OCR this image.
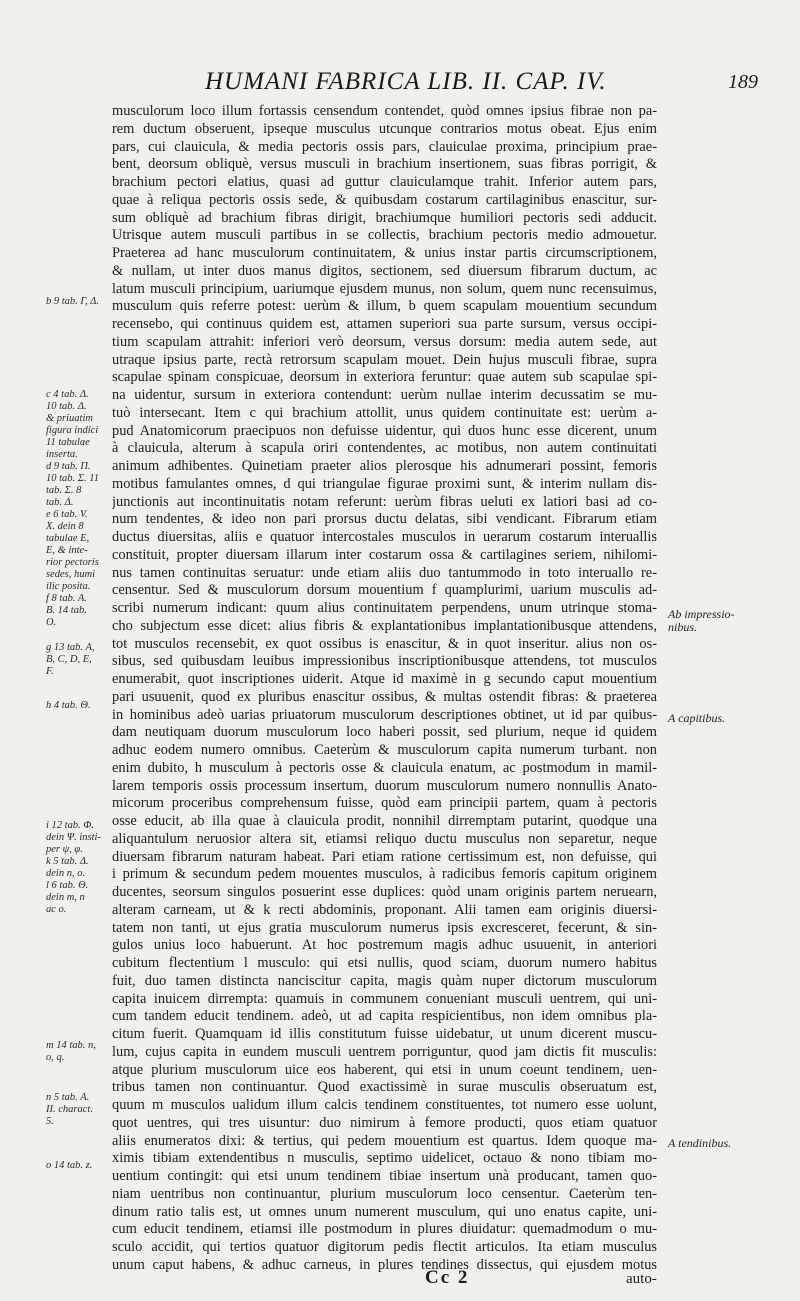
HUMANI FABRICA LIB. II. CAP. IV.	189
musculorum loco illum fortassis censendum contendet, quòd omnes ipsius fibrae non pa-
rem ductum obseruent, ipseque musculus utcunque contrarios motus obeat. Ejus enim
pars, cui clauicula, & media pectoris ossis pars, clauiculae proxima, principium prae-
bent, deorsum obliquè, versus musculi in brachium insertionem, suas fibras porrigit, &
brachium pectori elatius, quasi ad guttur clauiculamque trahit. Inferior autem pars,
quae à reliqua pectoris ossis sede, & quibusdam costarum cartilaginibus enascitur, sur-
sum obliquè ad brachium fibras dirigit, brachiumque humiliori pectoris sedi adducit.
Utrisque autem musculi partibus in se collectis, brachium pectoris medio admouetur.
Praeterea ad hanc musculorum continuitatem, & unius instar partis circumscriptionem,
& nullam, ut inter duos manus digitos, sectionem, sed diuersum fibrarum ductum, ac
latum musculi principium, uariumque ejusdem munus, non solum, quem nunc recensuimus,
musculum quis referre potest: uerùm & illum, b quem scapulam mouentium secundum
recensebo, qui continuus quidem est, attamen superiori sua parte sursum, versus occipi-
tium scapulam attrahit: inferiori verò deorsum, versus dorsum: media autem sede, aut
utraque ipsius parte, rectà retrorsum scapulam mouet. Dein hujus musculi fibrae, supra
scapulae spinam conspicuae, deorsum in exteriora feruntur: quae autem sub scapulae spi-
na uidentur, sursum in exteriora contendunt: uerùm nullae interim decussatim se mu-
tuò intersecant. Item c qui brachium attollit, unus quidem continuitate est: uerùm a-
pud Anatomicorum praecipuos non defuisse uidentur, qui duos hunc esse dicerent, unum
à clauicula, alterum à scapula oriri contendentes, ac motibus, non autem continuitati
animum adhibentes. Quinetiam praeter alios plerosque his adnumerari possint, femoris
motibus famulantes omnes, d qui triangulae figurae proximi sunt, & interim nullam dis-
junctionis aut incontinuitatis notam referunt: uerùm fibras ueluti ex latiori basi ad co-
num tendentes, & ideo non pari prorsus ductu delatas, sibi vendicant. Fibrarum etiam
ductus diuersitas, aliis e quatuor intercostales musculos in uerarum costarum interuallis
constituit, propter diuersam illarum inter costarum ossa & cartilagines seriem, nihilomi-
nus tamen continuitas seruatur: unde etiam aliis duo tantummodo in toto interuallo re-
censentur. Sed & musculorum dorsum mouentium f quamplurimi, uarium musculis ad-
scribi numerum indicant: quum alius continuitatem perpendens, unum utrinque stoma-
cho subjectum esse dicet: alius fibris & explantationibus implantationibusque attendens,
tot musculos recensebit, ex quot ossibus is enascitur, & in quot inseritur. alius non os-
sibus, sed quibusdam leuibus impressionibus inscriptionibusque attendens, tot musculos
enumerabit, quot inscriptiones uiderit. Atque id maximè in g secundo caput mouentium
pari usuuenit, quod ex pluribus enascitur ossibus, & multas ostendit fibras: & praeterea
in hominibus adeò uarias priuatorum musculorum descriptiones obtinet, ut id par quibus-
dam neutiquam duorum musculorum loco haberi possit, sed plurium, neque id quidem
adhuc eodem numero omnibus. Caeterùm & musculorum capita numerum turbant. non
enim dubito, h musculum à pectoris osse & clauicula enatum, ac postmodum in mamil-
larem temporis ossis processum insertum, duorum musculorum numero nonnullis Anato-
micorum proceribus comprehensum fuisse, quòd eam principii partem, quam à pectoris
osse educit, ab illa quae à clauicula prodit, nonnihil dirremptam putarint, quodque una
aliquantulum neruosior altera sit, etiamsi reliquo ductu musculus non separetur, neque
diuersam fibrarum naturam habeat. Pari etiam ratione certissimum est, non defuisse, qui
i primum & secundum pedem mouentes musculos, à radicibus femoris capitum originem
ducentes, seorsum singulos posuerint esse duplices: quòd unam originis partem neruearn,
alteram carneam, ut & k recti abdominis, proponant. Alii tamen eam originis diuersi-
tatem non tanti, ut ejus gratia musculorum numerus ipsis excresceret, fecerunt, & sin-
gulos unius loco habuerunt. At hoc postremum magis adhuc usuuenit, in anteriori
cubitum flectentium l musculo: qui etsi nullis, quod sciam, duorum numero habitus
fuit, duo tamen distincta nanciscitur capita, magis quàm nuper dictorum musculorum
capita inuicem dirrempta: quamuis in communem conueniant musculi uentrem, qui uni-
cum tandem educit tendinem. adeò, ut ad capita respicientibus, non idem omnibus pla-
citum fuerit. Quamquam id illis constitutum fuisse uidebatur, ut unum dicerent muscu-
lum, cujus capita in eundem musculi uentrem porriguntur, quod jam dictis fit musculis:
atque plurium musculorum uice eos haberent, qui etsi in unum coeunt tendinem, uen-
tribus tamen non continuantur. Quod exactissimè in surae musculis obseruatum est,
quum m musculos ualidum illum calcis tendinem constituentes, tot numero esse uolunt,
quot uentres, qui tres uisuntur: duo nimirum à femore producti, quos etiam quatuor
aliis enumeratos dixi: & tertius, qui pedem mouentium est quartus. Idem quoque ma-
ximis tibiam extendentibus n musculis, septimo uidelicet, octauo & nono tibiam mo-
uentium contingit: qui etsi unum tendinem tibiae insertum unà producant, tamen quo-
niam uentribus non continuantur, plurium musculorum loco censentur. Caeterùm ten-
dinum ratio talis est, ut omnes unum numerent musculum, qui uno enatus capite, uni-
cum educit tendinem, etiamsi ille postmodum in plures diuidatur: quemadmodum o mu-
sculo accidit, qui tertios quatuor digitorum pedis flectit articulos. Ita etiam musculus
unum caput habens, & adhuc carneus, in plures tendines dissectus, qui ejusdem motus
b 9 tab. Γ, Δ.
c 4 tab. Δ.
10 tab. Δ.
& priuatim
figura indici
11 tabulae
inserta.
d 9 tab. Π.
10 tab. Σ. 11
tab. Σ. 8
tab. Δ.
e 6 tab. V.
X. dein 8
tabulae E,
E, & inte-
rior pectoris
sedes, humi
ilic posita.
f 8 tab. A.
B. 14 tab.
O.
g 13 tab. A,
B, C, D, E,
F.
h 4 tab. Θ.
i 12 tab. Φ.
dein Ψ. insti-
per ψ, φ.
k 5 tab. Δ.
dein n, o.
l 6 tab. Θ.
dein m, n
ac o.
m 14 tab. n,
o, q.
n 5 tab. A.
II. charact.
5.
o 14 tab. z.
Ab impressio-
nibus.
A capitibus.
A tendinibus.
Cc 2	auto-
